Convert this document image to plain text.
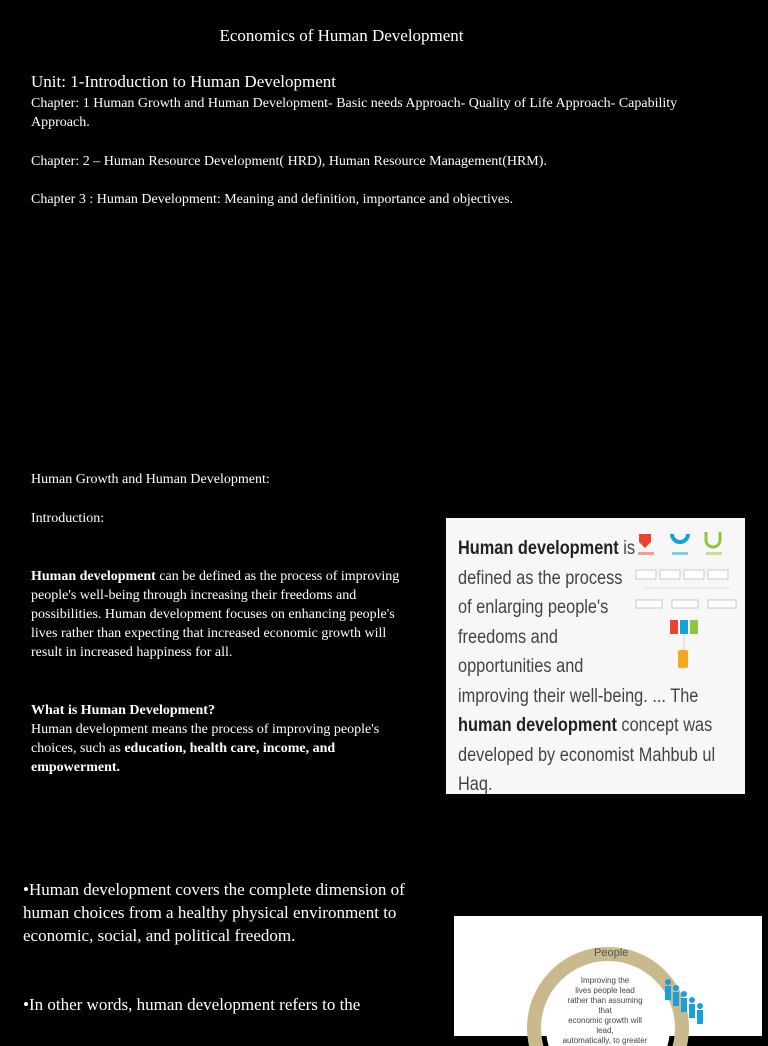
Economics of Human Development
Unit: 1-Introduction to Human Development

Chapter: 1 Human Growth and Human Development- Basic needs Approach- Quality of Life Approach- Capability Approach.

Chapter: 2 – Human Resource Development( HRD), Human Resource Management(HRM).

Chapter 3 : Human Development: Meaning and definition, importance and objectives.

Human Growth and Human Development:

Introduction:

Human development can be defined as the process of improving people's well-being through increasing their freedoms and possibilities. Human development focuses on enhancing people's lives rather than expecting that increased economic growth will result in increased happiness for all.

What is Human Development?

Human development means the process of improving people's choices, such as education, health care, income, and empowerment.

Human development is
defined as the process
of enlarging people's
freedoms and
opportunities and
improving their well-being. ... The
human development concept was
developed by economist Mahbub ul
Haq.

•Human development covers the complete dimension of human choices from a healthy physical environment to economic, social, and political freedom.

•In other words, human development refers to the

People
Improving the
lives people lead
rather than assuming that
economic growth will lead,
automatically, to greater
